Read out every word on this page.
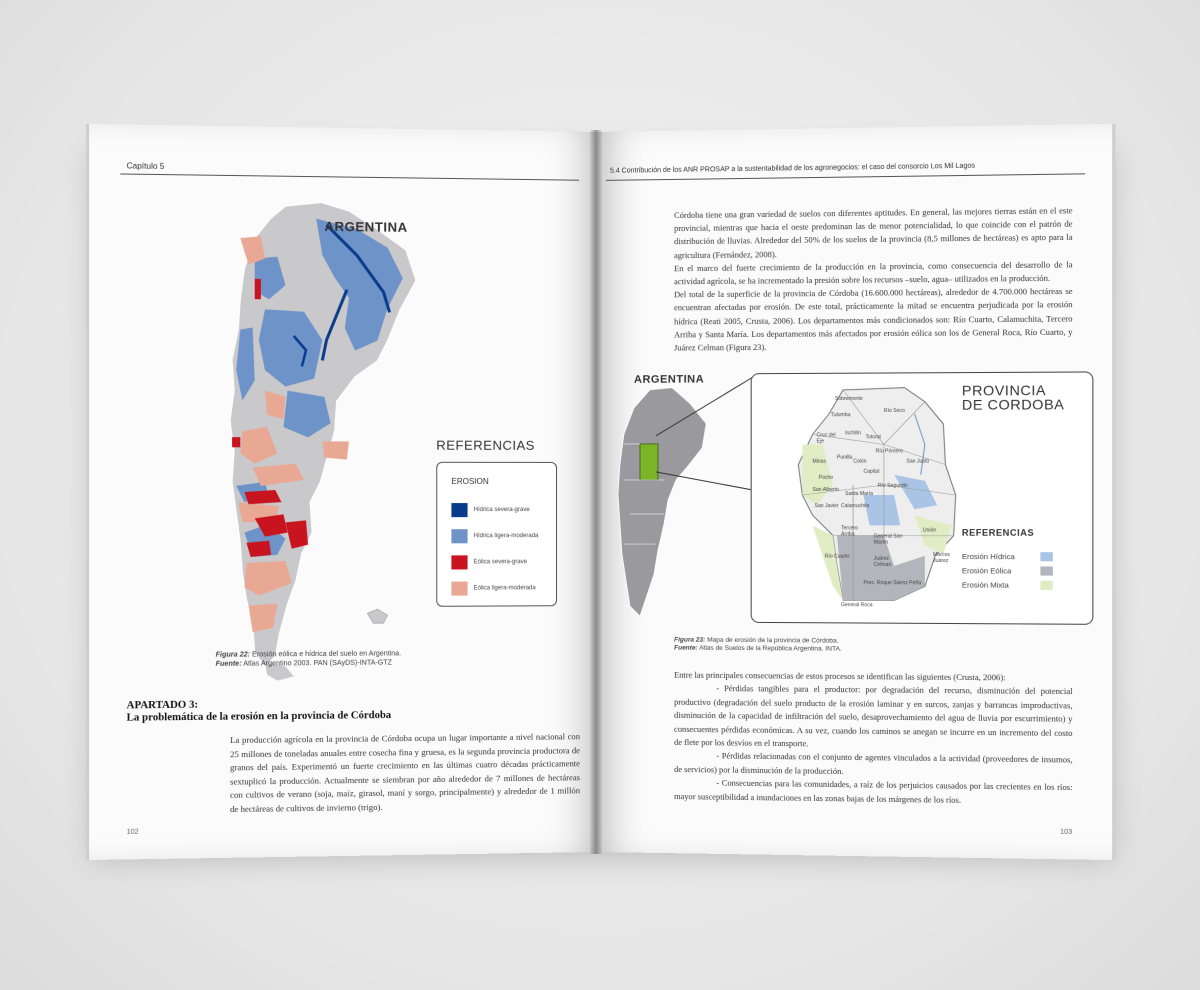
Capítulo 5
ARGENTINA
REFERENCIAS
EROSION
Hídrica severa-grave
Hídrica ligera-moderada
Eólica severa-grave
Eólica ligera-moderada
Figura 22: Erosión eólica e hídrica del suelo en Argentina.
Fuente: Atlas Argentino 2003. PAN (SAyDS)-INTA-GTZ
APARTADO 3:
La problemática de la erosión en la provincia de Córdoba
La producción agrícola en la provincia de Córdoba ocupa un lugar importante a nivel nacional con 25 millones de toneladas anuales entre cosecha fina y gruesa, es la segunda provincia productora de granos del país. Experimentó un fuerte crecimiento en las últimas cuatro décadas prácticamente sextuplicó la producción. Actualmente se siembran por año alrededor de 7 millones de hectáreas con cultivos de verano (soja, maíz, girasol, maní y sorgo, principalmente) y alrededor de 1 millón de hectáreas de cultivos de invierno (trigo).
102
5.4 Contribución de los ANR PROSAP a la sustentabilidad de los agronegocios: el caso del consorcio Los Mil Lagos

Córdoba tiene una gran variedad de suelos con diferentes aptitudes. En general, las mejores tierras están en el este provincial, mientras que hacia el oeste predominan las de menor potencialidad, lo que coincide con el patrón de distribución de lluvias. Alrededor del 50% de los suelos de la provincia (8,5 millones de hectáreas) es apto para la agricultura (Fernández, 2008).

En el marco del fuerte crecimiento de la producción en la provincia, como consecuencia del desarrollo de la actividad agrícola, se ha incrementado la presión sobre los recursos –suelo, agua– utilizados en la producción.

Del total de la superficie de la provincia de Córdoba (16.600.000 hectáreas), alrededor de 4.700.000 hectáreas se encuentran afectadas por erosión. De este total, prácticamente la mitad se encuentra perjudicada por la erosión hídrica (Reati 2005, Crusta, 2006). Los departamentos más condicionados son: Río Cuarto, Calamuchita, Tercero Arriba y Santa María. Los departamentos más afectados por erosión eólica son los de General Roca, Río Cuarto, y Juárez Celman (Figura 23).

ARGENTINA
Sobremonte
Tulumba
Río Seco
Cruz del Eje
Ischilín
Totoral
Minas
Punilla
Colón
Río Primero
San Justo
Pocho
San Alberto
Santa María
Río Segundo
San Javier Calamuchita
Tercero Arriba	General San Martín
Unión
Marcos Juárez
Río Cuarto	Juárez Celman
Pres. Roque Sáenz Peña
General Roca
Capital
PROVINCIA
DE CORDOBA
REFERENCIAS
Erosión Hídrica
Erosión Eólica
Erosión Mixta
Figura 23: Mapa de erosión de la provincia de Córdoba.
Fuente: Atlas de Suelos de la República Argentina. INTA.

Entre las principales consecuencias de estos procesos se identifican las siguientes (Crusta, 2006):

- Pérdidas tangibles para el productor: por degradación del recurso, disminución del potencial productivo (degradación del suelo producto de la erosión laminar y en surcos, zanjas y barrancas improductivas, disminución de la capacidad de infiltración del suelo, desaprovechamiento del agua de lluvia por escurrimiento) y consecuentes pérdidas económicas. A su vez, cuando los caminos se anegan se incurre en un incremento del costo de flete por los desvíos en el transporte.

- Pérdidas relacionadas con el conjunto de agentes vinculados a la actividad (proveedores de insumos, de servicios) por la disminución de la producción.

- Consecuencias para las comunidades, a raíz de los perjuicios causados por las crecientes en los ríos: mayor susceptibilidad a inundaciones en las zonas bajas de los márgenes de los ríos.

103
